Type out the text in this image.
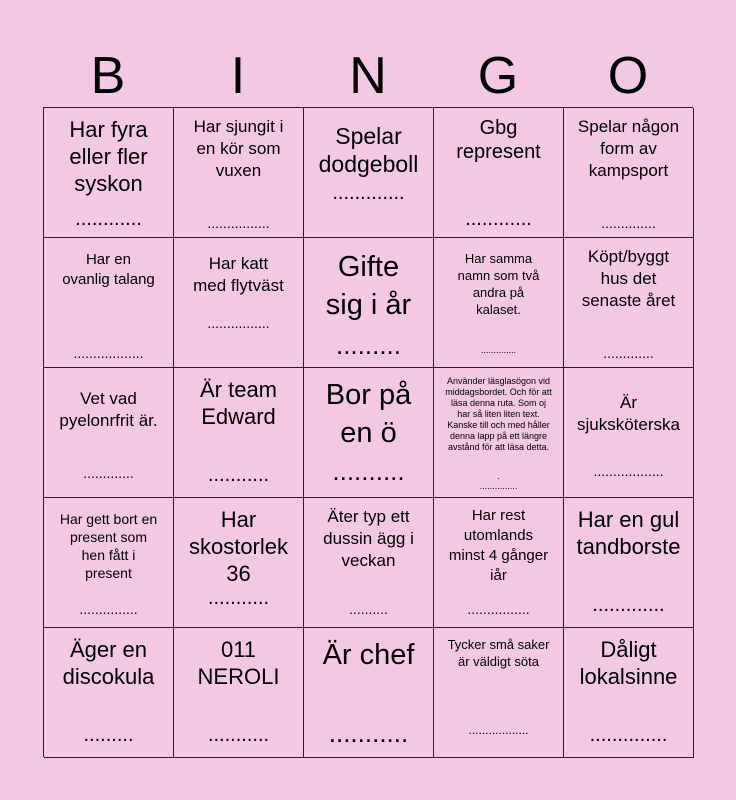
B	I	N	G	O
Har fyra
eller fler
syskon
............
Har sjungit i
en kör som
vuxen
................
Spelar
dodgeboll
.............
Gbg
represent
............
Spelar någon
form av
kampsport
..............
Har en
ovanlig talang
..................
Har katt
med flytväst
................
Gifte
sig i år
.........
Har samma
namn som två
andra på
kalaset.
..............
Köpt/byggt
hus det
senaste året
.............
Vet vad
pyelonrfrit är.
.............
Är team
Edward
...........
Bor på
en ö
..........
Använder läsglasögon vid
middagsbordet. Och för att
läsa denna ruta. Som oj
har så liten liten text.
Kanske till och med håller
denna lapp på ett längre
avstånd för att läsa detta.
.
...............
Är
sjuksköterska
..................
Har gett bort en
present som
hen fått i
present
...............
Har
skostorlek
36
...........
Äter typ ett
dussin ägg i
veckan
..........
Har rest
utomlands
minst 4 gånger
iår
................
Har en gul
tandborste
.............
Äger en
discokula
.........
011
NEROLI
...........
Är chef
...........
Tycker små saker
är väldigt söta
..................
Dåligt
lokalsinne
..............
